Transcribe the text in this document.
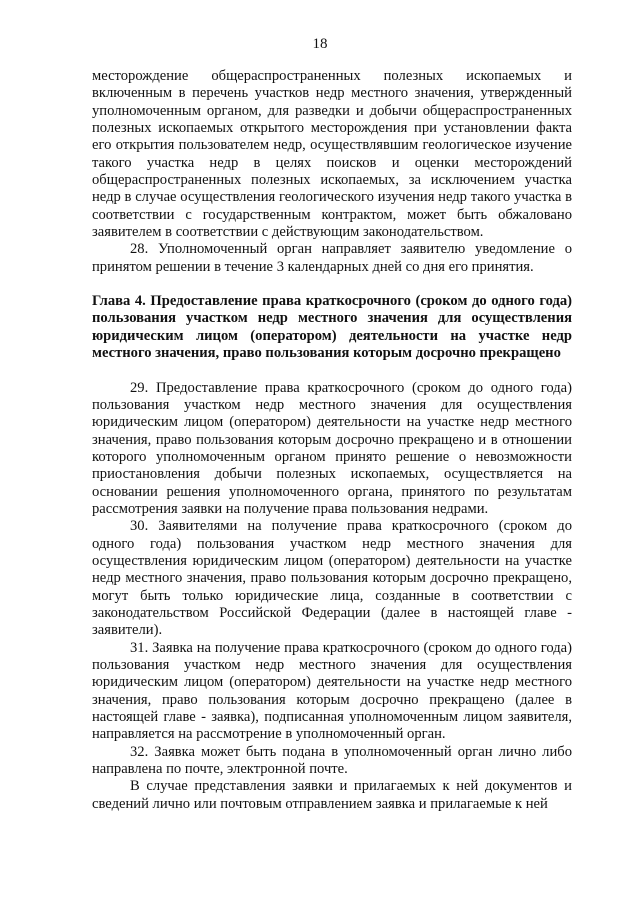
18

месторождение общераспространенных полезных ископаемых и включенным в перечень участков недр местного значения, утвержденный уполномоченным органом, для разведки и добычи общераспространенных полезных ископаемых открытого месторождения при установлении факта его открытия пользователем недр, осуществлявшим геологическое изучение такого участка недр в целях поисков и оценки месторождений общераспространенных полезных ископаемых, за исключением участка недр в случае осуществления геологического изучения недр такого участка в соответствии с государственным контрактом, может быть обжаловано заявителем в соответствии с действующим законодательством.

28. Уполномоченный орган направляет заявителю уведомление о принятом решении в течение 3 календарных дней со дня его принятия.

Глава 4. Предоставление права краткосрочного (сроком до одного года) пользования участком недр местного значения для осуществления юридическим лицом (оператором) деятельности на участке недр местного значения, право пользования которым досрочно прекращено

29. Предоставление права краткосрочного (сроком до одного года) пользования участком недр местного значения для осуществления юридическим лицом (оператором) деятельности на участке недр местного значения, право пользования которым досрочно прекращено и в отношении которого уполномоченным органом принято решение о невозможности приостановления добычи полезных ископаемых, осуществляется на основании решения уполномоченного органа, принятого по результатам рассмотрения заявки на получение права пользования недрами.

30. Заявителями на получение права краткосрочного (сроком до одного года) пользования участком недр местного значения для осуществления юридическим лицом (оператором) деятельности на участке недр местного значения, право пользования которым досрочно прекращено, могут быть только юридические лица, созданные в соответствии с законодательством Российской Федерации (далее в настоящей главе - заявители).

31. Заявка на получение права краткосрочного (сроком до одного года) пользования участком недр местного значения для осуществления юридическим лицом (оператором) деятельности на участке недр местного значения, право пользования которым досрочно прекращено (далее в настоящей главе - заявка), подписанная уполномоченным лицом заявителя, направляется на рассмотрение в уполномоченный орган.

32. Заявка может быть подана в уполномоченный орган лично либо направлена по почте, электронной почте.

В случае представления заявки и прилагаемых к ней документов и сведений лично или почтовым отправлением заявка и прилагаемые к ней
